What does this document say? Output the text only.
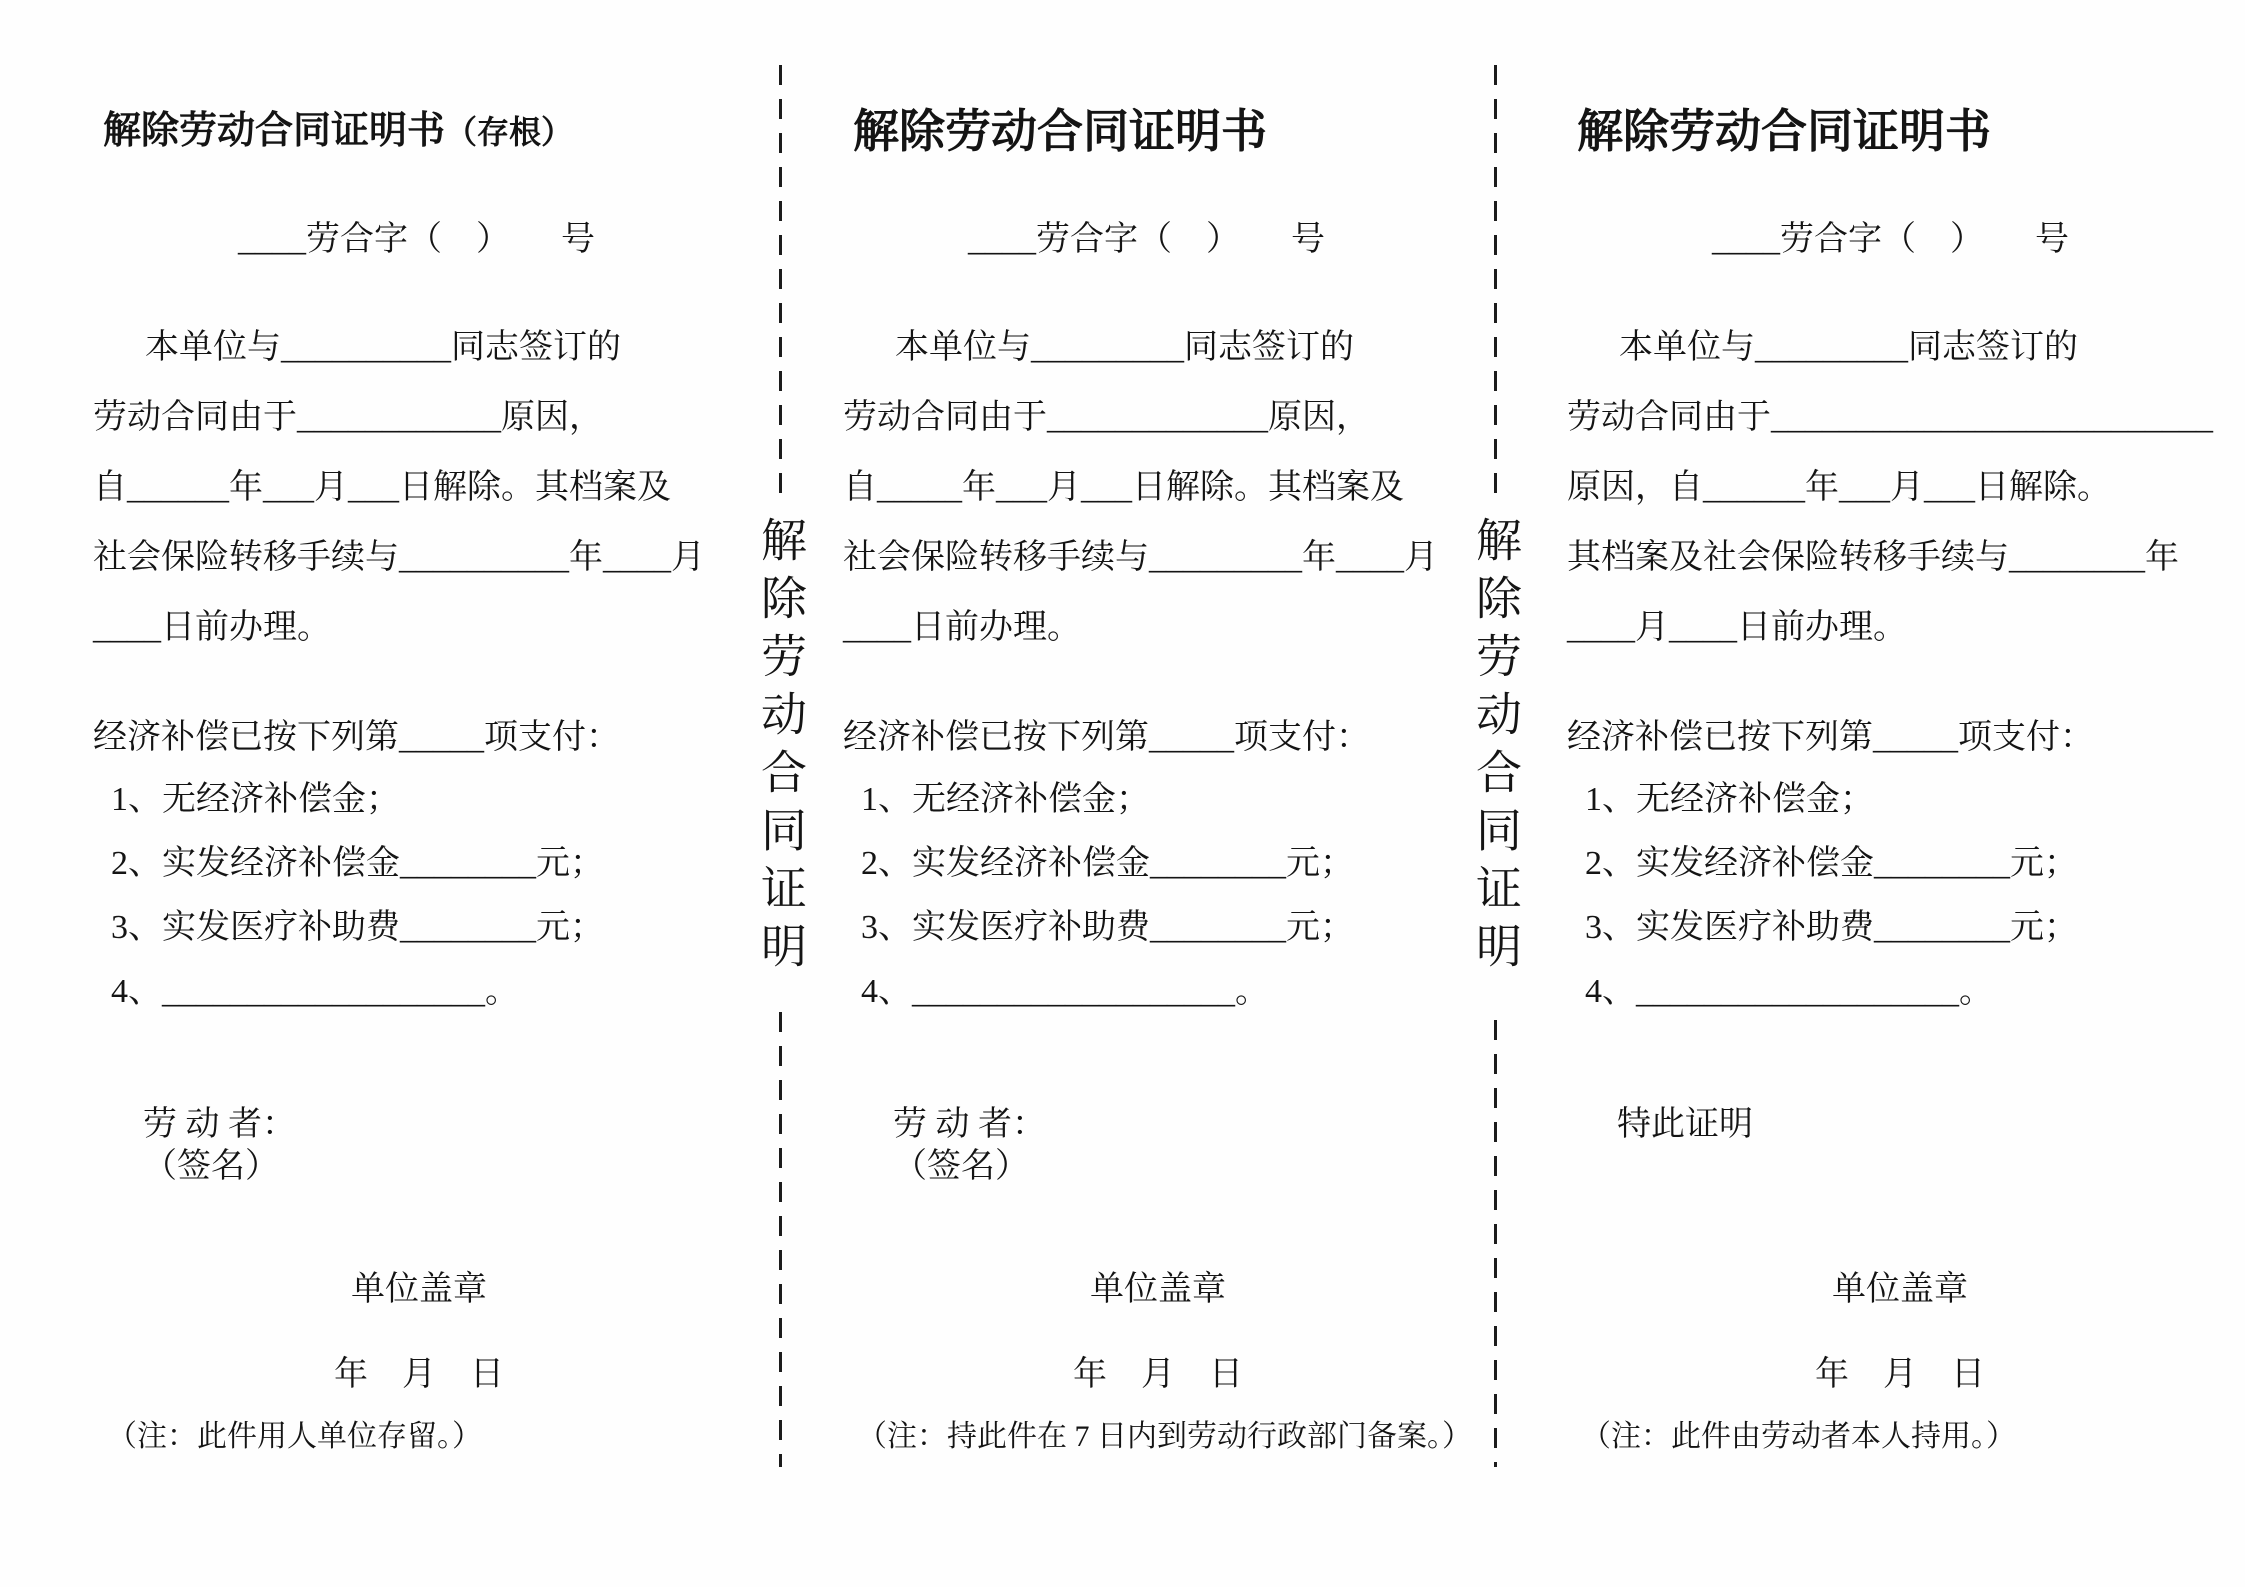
解除劳动合同证明书（存根）
____劳合字（　）　　号
本单位与__________同志签订的
劳动合同由于____________原因，
自______年___月___日解除。其档案及
社会保险转移手续与__________年____月
____日前办理。
经济补偿已按下列第_____项支付：
1、无经济补偿金；
2、实发经济补偿金________元；
3、实发医疗补助费________元；
4、___________________。
劳 动 者：
（签名）
单位盖章
年　月　日
（注：此件用人单位存留。）
解除劳动合同证明
解除劳动合同证明书
____劳合字（　）　　号
本单位与_________同志签订的
劳动合同由于_____________原因，
自_____年___月___日解除。其档案及
社会保险转移手续与_________年____月
____日前办理。
经济补偿已按下列第_____项支付：
1、无经济补偿金；
2、实发经济补偿金________元；
3、实发医疗补助费________元；
4、___________________。
劳 动 者：
（签名）
单位盖章
年　月　日
（注：持此件在 7 日内到劳动行政部门备案。）
解除劳动合同证明
解除劳动合同证明书
____劳合字（　）　　号
本单位与_________同志签订的
劳动合同由于__________________________
原因，自______年___月___日解除。
其档案及社会保险转移手续与________年
____月____日前办理。
经济补偿已按下列第_____项支付：
1、无经济补偿金；
2、实发经济补偿金________元；
3、实发医疗补助费________元；
4、___________________。
特此证明
单位盖章
年　月　日
（注：此件由劳动者本人持用。）
